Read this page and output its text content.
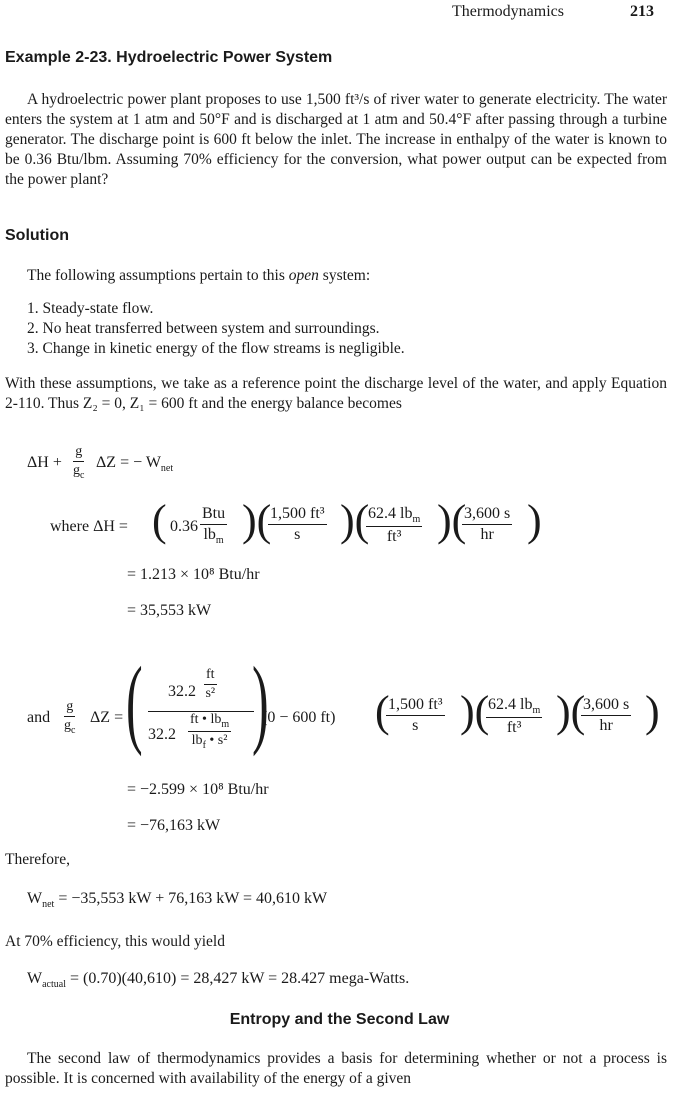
Thermodynamics	213
Example 2-23. Hydroelectric Power System

A hydroelectric power plant proposes to use 1,500 ft³/s of river water to generate electricity. The water enters the system at 1 atm and 50°F and is discharged at 1 atm and 50.4°F after passing through a turbine generator. The discharge point is 600 ft below the inlet. The increase in enthalpy of the water is known to be 0.36 Btu/lbm. Assuming 70% efficiency for the conversion, what power output can be expected from the power plant?

Solution
The following assumptions pertain to this open system:
1. Steady-state flow.
2. No heat transferred between system and surroundings.
3. Change in kinetic energy of the flow streams is negligible.

With these assumptions, we take as a reference point the discharge level of the water, and apply Equation 2-110. Thus Z₂ = 0, Z₁ = 600 ft and the energy balance becomes

$\Delta H + \frac{g}{g_c}$ ΔZ = − $W_{net}$
where ΔH = ( 0.36
Btu
$lb_m$ )(
$\frac{\text{1,500 ft³}}{s}$ )(
62.4 $lb_m$
ft³ )(
$\frac{3,600 s}{hr}$ )
= 1.213 × 10⁸ Btu/hr
= 35,553 kW
and $\frac{g}{g_c}$ ΔZ = ( $32.2 \frac{ft}{\text{s²}}$
32.2
ft • $lb_m$
$lb_f$ • s² )
(0 − 600 ft) (
$\frac{\text{1,500 ft³}}{s}$ )(
62.4 $lb_m$
ft³ )(
$\frac{3,600 s}{hr}$ )
= −2.599 × 10⁸ Btu/hr
= −76,163 kW
Therefore,
$W_{net} = -35,553$ kW + 76,163 kW = 40,610 kW
At 70% efficiency, this would yield
$W_{actual} = (0.70)(40,610) = 28,427$ kW = 28.427 mega-Watts.
Entropy and the Second Law

The second law of thermodynamics provides a basis for determining whether or not a process is possible. It is concerned with availability of the energy of a given
